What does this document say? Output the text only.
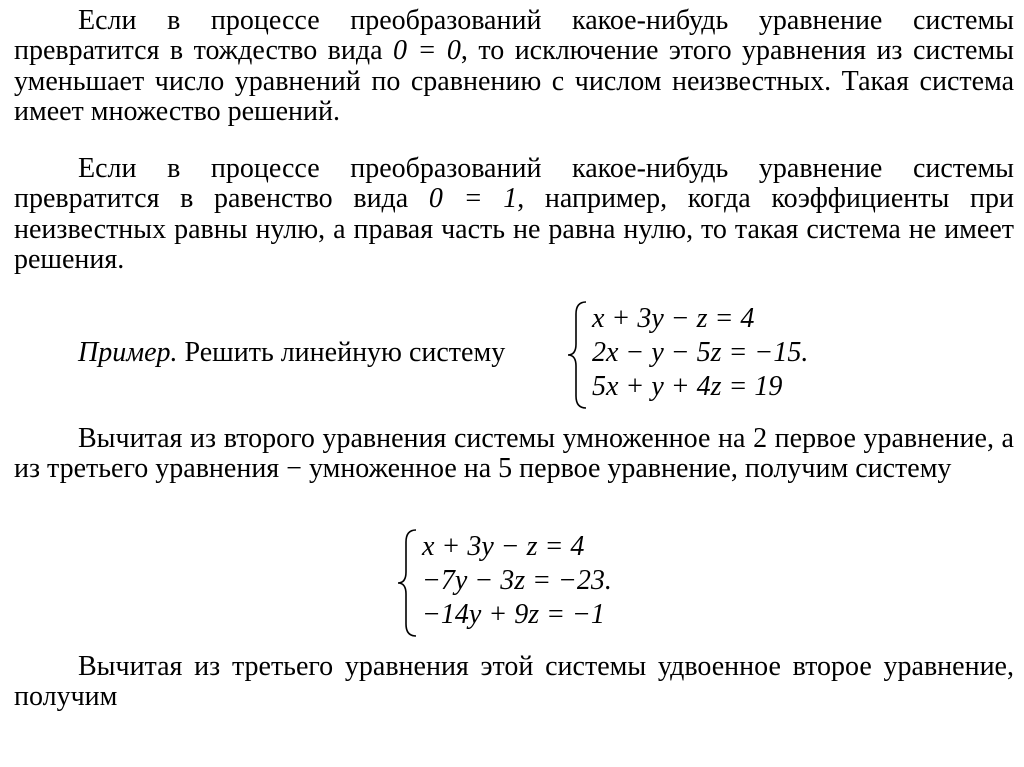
Если в процессе преобразований какое-нибудь уравнение системы превратится в тождество вида 0 = 0, то исключение этого уравнения из системы уменьшает число уравнений по сравнению с числом неизвестных. Такая система имеет множество решений.
Если в процессе преобразований какое-нибудь уравнение системы превратится в равенство вида 0 = 1, например, когда коэффициенты при неизвестных равны нулю, а правая часть не равна нулю, то такая система не имеет решения.
Пример. Решить линейную систему
x + 3y − z = 4
2x − y − 5z = −15.
5x + y + 4z = 19
Вычитая из второго уравнения системы умноженное на 2 первое уравнение, а из третьего уравнения − умноженное на 5 первое уравнение, получим систему
x + 3y − z = 4
−7y − 3z = −23.
−14y + 9z = −1
Вычитая из третьего уравнения этой системы удвоенное второе уравнение, получим
